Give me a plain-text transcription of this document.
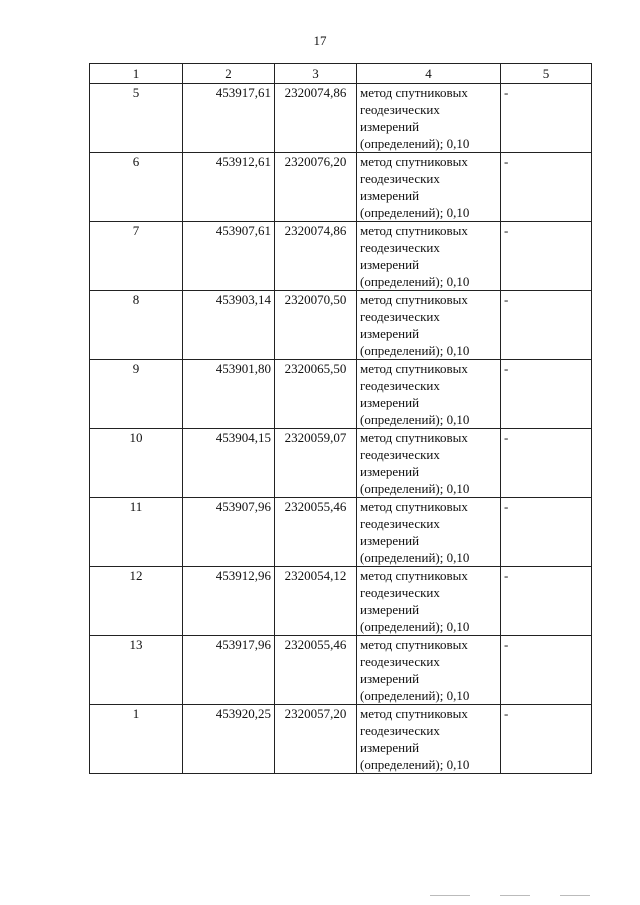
17
1	2	3	4	5
5	453917,61	2320074,86	метод спутниковых геодезических измерений (определений); 0,10	-
6	453912,61	2320076,20	метод спутниковых геодезических измерений (определений); 0,10	-
7	453907,61	2320074,86	метод спутниковых геодезических измерений (определений); 0,10	-
8	453903,14	2320070,50	метод спутниковых геодезических измерений (определений); 0,10	-
9	453901,80	2320065,50	метод спутниковых геодезических измерений (определений); 0,10	-
10	453904,15	2320059,07	метод спутниковых геодезических измерений (определений); 0,10	-
11	453907,96	2320055,46	метод спутниковых геодезических измерений (определений); 0,10	-
12	453912,96	2320054,12	метод спутниковых геодезических измерений (определений); 0,10	-
13	453917,96	2320055,46	метод спутниковых геодезических измерений (определений); 0,10	-
1	453920,25	2320057,20	метод спутниковых геодезических измерений (определений); 0,10	-
